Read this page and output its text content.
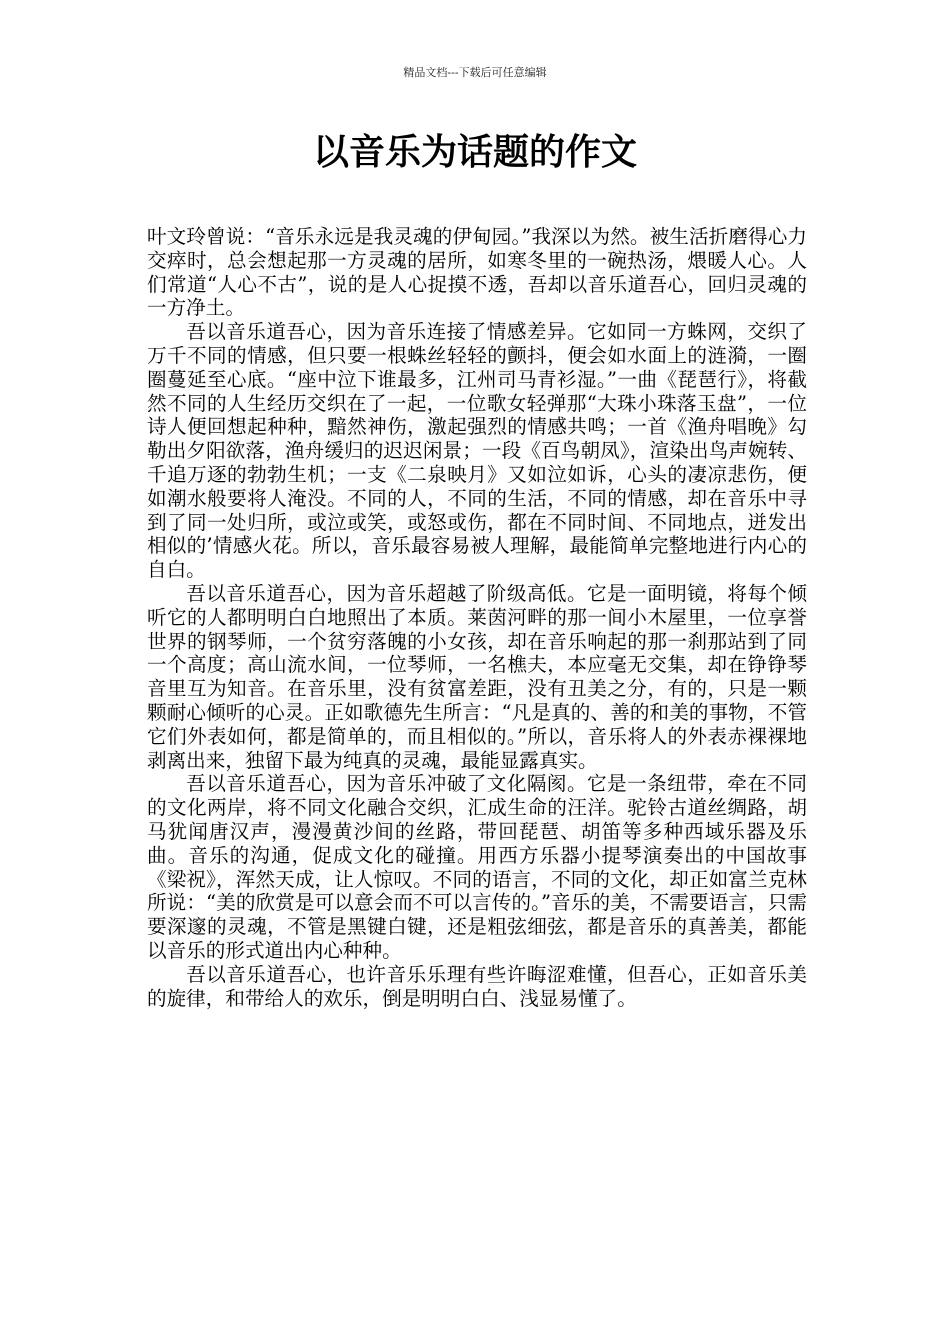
精品文档---下载后可任意编辑
以音乐为话题的作文

叶文玲曾说：“音乐永远是我灵魂的伊甸园。”我深以为然。被生活折磨得心力交瘁时，总会想起那一方灵魂的居所，如寒冬里的一碗热汤，煨暖人心。人们常道“人心不古”，说的是人心捉摸不透，吾却以音乐道吾心，回归灵魂的一方净土。

吾以音乐道吾心，因为音乐连接了情感差异。它如同一方蛛网，交织了万千不同的情感，但只要一根蛛丝轻轻的颤抖，便会如水面上的涟漪，一圈圈蔓延至心底。“座中泣下谁最多，江州司马青衫湿。”一曲《琵琶行》，将截然不同的人生经历交织在了一起，一位歌女轻弹那“大珠小珠落玉盘”，一位诗人便回想起种种，黯然神伤，激起强烈的情感共鸣；一首《渔舟唱晚》勾勒出夕阳欲落，渔舟缓归的迟迟闲景；一段《百鸟朝凤》，渲染出鸟声婉转、千追万逐的勃勃生机；一支《二泉映月》又如泣如诉，心头的凄凉悲伤，便如潮水般要将人淹没。不同的人，不同的生活，不同的情感，却在音乐中寻到了同一处归所，或泣或笑，或怒或伤，都在不同时间、不同地点，迸发出相似的’情感火花。所以，音乐最容易被人理解，最能简单完整地进行内心的自白。

吾以音乐道吾心，因为音乐超越了阶级高低。它是一面明镜，将每个倾听它的人都明明白白地照出了本质。莱茵河畔的那一间小木屋里，一位享誉世界的钢琴师，一个贫穷落魄的小女孩，却在音乐响起的那一刹那站到了同一个高度；高山流水间，一位琴师，一名樵夫，本应毫无交集，却在铮铮琴音里互为知音。在音乐里，没有贫富差距，没有丑美之分，有的，只是一颗颗耐心倾听的心灵。正如歌德先生所言：“凡是真的、善的和美的事物，不管它们外表如何，都是简单的，而且相似的。”所以，音乐将人的外表赤裸裸地剥离出来，独留下最为纯真的灵魂，最能显露真实。

吾以音乐道吾心，因为音乐冲破了文化隔阂。它是一条纽带，牵在不同的文化两岸，将不同文化融合交织，汇成生命的汪洋。驼铃古道丝绸路，胡马犹闻唐汉声，漫漫黄沙间的丝路，带回琵琶、胡笛等多种西域乐器及乐曲。音乐的沟通，促成文化的碰撞。用西方乐器小提琴演奏出的中国故事《梁祝》，浑然天成，让人惊叹。不同的语言，不同的文化，却正如富兰克林所说：“美的欣赏是可以意会而不可以言传的。”音乐的美，不需要语言，只需要深邃的灵魂，不管是黑键白键，还是粗弦细弦，都是音乐的真善美，都能以音乐的形式道出内心种种。

吾以音乐道吾心，也许音乐乐理有些许晦涩难懂，但吾心，正如音乐美的旋律，和带给人的欢乐，倒是明明白白、浅显易懂了。
